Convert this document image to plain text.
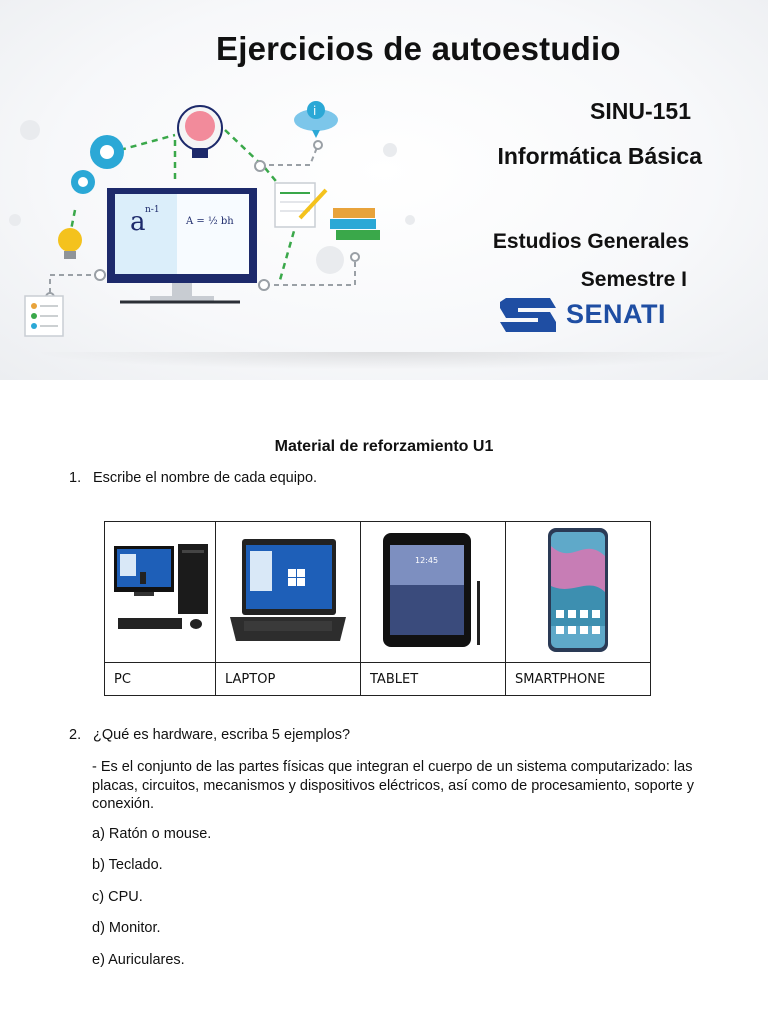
i
a n-1
A = ½ bh
Ejercicios de autoestudio
SINU-151
Informática Básica
Estudios Generales
Semestre I
SENATI
Material de reforzamiento U1
1. Escribe el nombre de cada equipo.

12:45

PC	LAPTOP	TABLET	SMARTPHONE
2. ¿Qué es hardware, escriba 5 ejemplos?
- Es el conjunto de las partes físicas que integran el cuerpo de un sistema computarizado: las placas, circuitos, mecanismos y dispositivos eléctricos, así como de procesamiento, soporte y conexión.
a) Ratón o mouse.
b) Teclado.
c) CPU.
d) Monitor.
e) Auriculares.
